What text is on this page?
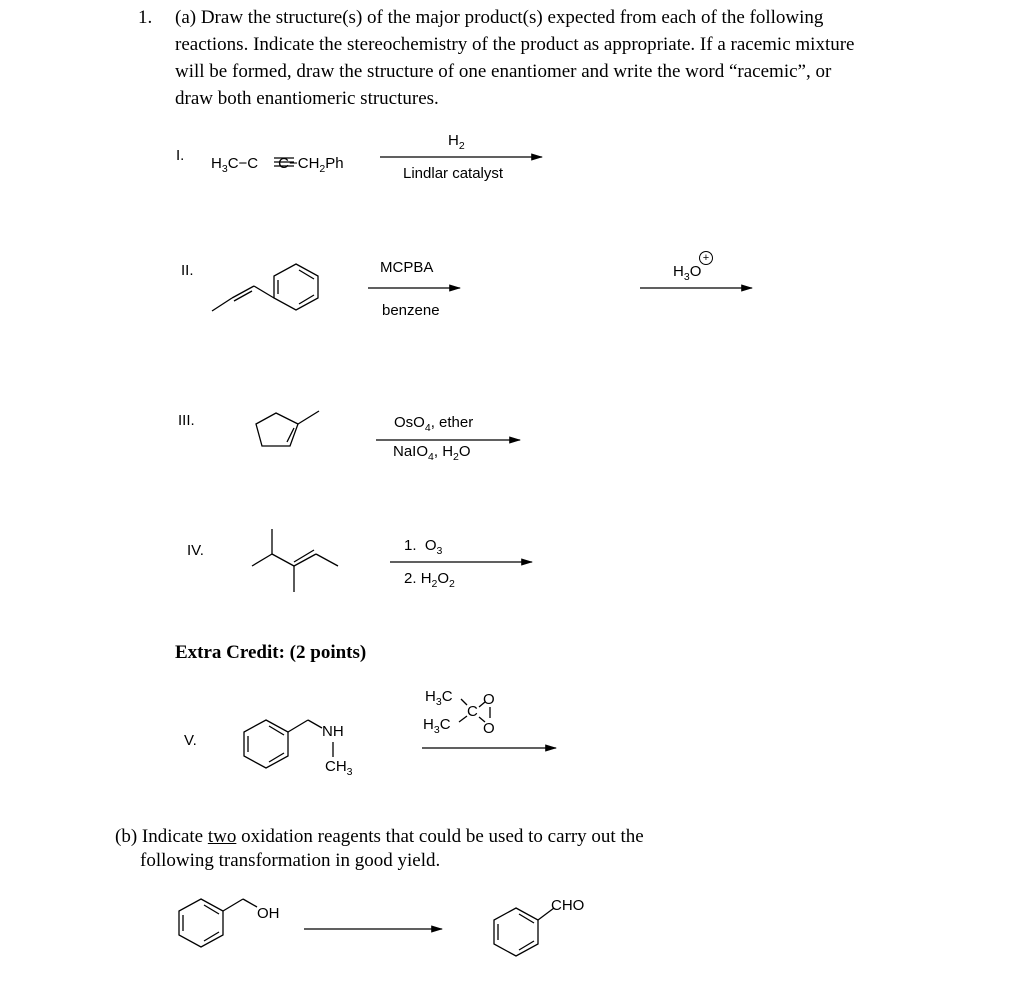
1. (a) Draw the structure(s) of the major product(s) expected from each of the following
reactions. Indicate the stereochemistry of the product as appropriate. If a racemic mixture
will be formed, draw the structure of one enantiomer and write the word “racemic”, or
draw both enantiomeric structures.
I. $H_3C-C$ $C-CH_2Ph$
$H_2$
Lindlar catalyst
II.	MCPBA
benzene
$H_3O$
+
III.	OsO$_4$, ether
NaIO$_4$, $H_2O$
IV.	1. $O_3$
2. $H_2O_2$
Extra Credit: (2 points)
V.
NH
$CH_3$
$H_3C$
$H_3C$
C
O
O
(b) Indicate two oxidation reagents that could be used to carry out the
following transformation in good yield.
OH	CHO
